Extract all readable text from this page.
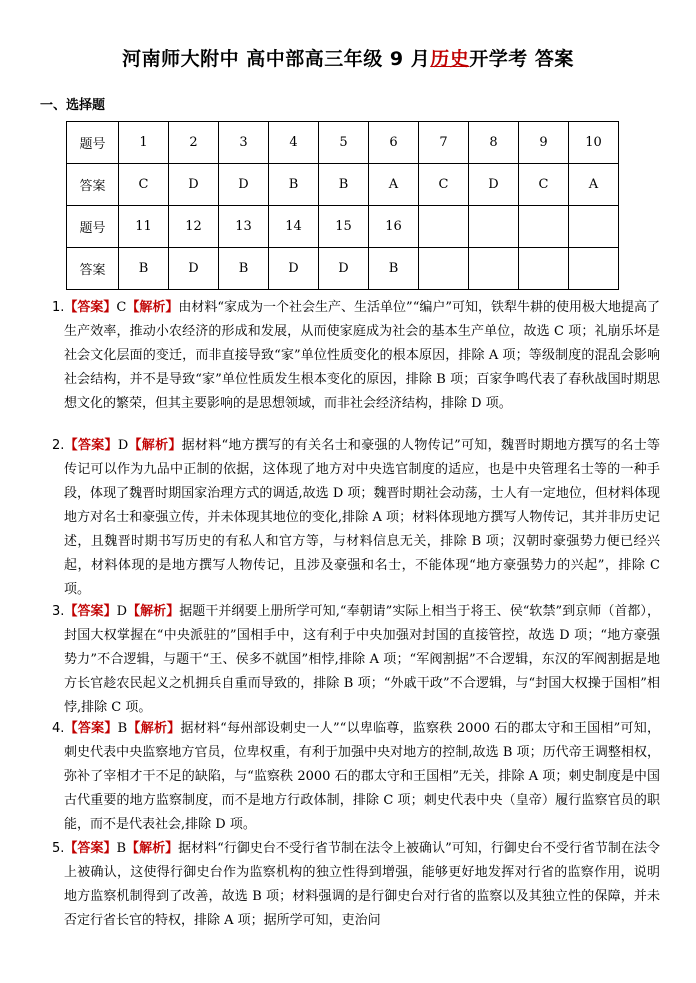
河南师大附中 高中部高三年级 9 月历史开学考 答案
一、选择题
题号	1	2	3	4	5	6	7	8	9	10
答案	C	D	D	B	B	A	C	D	C	A
题号	11	12	13	14	15	16				
答案	B	D	B	D	D	B				
1.【答案】C【解析】由材料“家成为一个社会生产、生活单位”“编户”可知，铁犁牛耕的使用极大地提高了生产效率，推动小农经济的形成和发展，从而使家庭成为社会的基本生产单位，故选 C 项；礼崩乐坏是社会文化层面的变迁，而非直接导致“家”单位性质变化的根本原因，排除 A 项；等级制度的混乱会影响社会结构，并不是导致“家”单位性质发生根本变化的原因，排除 B 项；百家争鸣代表了春秋战国时期思想文化的繁荣，但其主要影响的是思想领域，而非社会经济结构，排除 D 项。
2.【答案】D【解析】据材料“地方撰写的有关名士和豪强的人物传记”可知，魏晋时期地方撰写的名士等传记可以作为九品中正制的依据，这体现了地方对中央选官制度的适应，也是中央管理名士等的一种手段，体现了魏晋时期国家治理方式的调适,故选 D 项；魏晋时期社会动荡，士人有一定地位，但材料体现地方对名士和豪强立传，并未体现其地位的变化,排除 A 项；材料体现地方撰写人物传记，其并非历史记述，且魏晋时期书写历史的有私人和官方等，与材料信息无关，排除 B 项；汉朝时豪强势力便已经兴起，材料体现的是地方撰写人物传记，且涉及豪强和名士，不能体现“地方豪强势力的兴起”，排除 C 项。
3.【答案】D【解析】据题干并纲要上册所学可知,“奉朝请”实际上相当于将王、侯“软禁”到京师（首都），封国大权掌握在“中央派驻的”国相手中，这有利于中央加强对封国的直接管控，故选 D 项；“地方豪强势力”不合逻辑，与题干“王、侯多不就国”相悖,排除 A 项；“军阀割据”不合逻辑，东汉的军阀割据是地方长官趁农民起义之机拥兵自重而导致的，排除 B 项；“外戚干政”不合逻辑，与“封国大权操于国相”相悖,排除 C 项。
4.【答案】B【解析】据材料“每州部设刺史一人”“以卑临尊，监察秩 2000 石的郡太守和王国相”可知，刺史代表中央监察地方官员，位卑权重，有利于加强中央对地方的控制,故选 B 项；历代帝王调整相权，弥补了宰相才干不足的缺陷，与“监察秩 2000 石的郡太守和王国相”无关，排除 A 项；刺史制度是中国古代重要的地方监察制度，而不是地方行政体制，排除 C 项；刺史代表中央（皇帝）履行监察官员的职能，而不是代表社会,排除 D 项。
5.【答案】B【解析】据材料“行御史台不受行省节制在法令上被确认”可知，行御史台不受行省节制在法令上被确认，这使得行御史台作为监察机构的独立性得到增强，能够更好地发挥对行省的监察作用，说明地方监察机制得到了改善，故选 B 项；材料强调的是行御史台对行省的监察以及其独立性的保障，并未否定行省长官的特权，排除 A 项；据所学可知，吏治问
